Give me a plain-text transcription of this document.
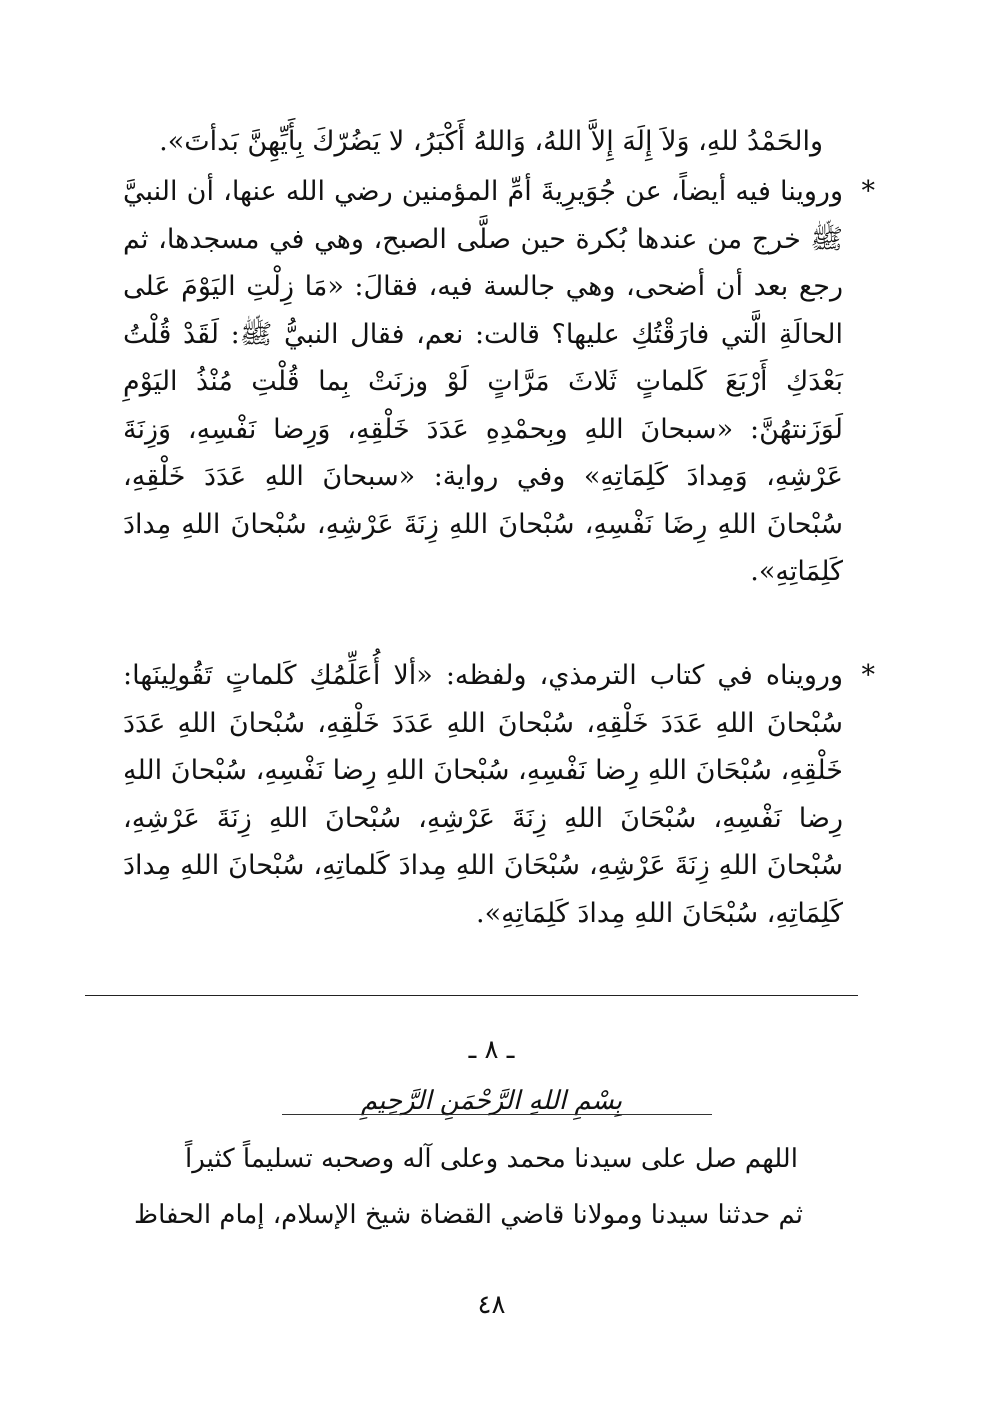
والحَمْدُ للهِ، وَلاَ إِلَهَ إِلاَّ اللهُ، وَاللهُ أَكْبَرُ، لا يَضُرّكَ بِأَيِّهِنَّ بَدأتَ».
*
وروينا فيه أيضاً، عن جُوَيرِيةَ أمِّ المؤمنين رضي الله عنها، أن النبيَّ ﷺ خرج من عندها بُكرة حين صلَّى الصبح، وهي في مسجدها، ثم رجع بعد أن أضحى، وهي جالسة فيه، فقالَ: «مَا زِلْتِ اليَوْمَ عَلى الحالَةِ الَّتي فارَقْتُكِ عليها؟ قالت: نعم، فقال النبيُّ ﷺ: لَقَدْ قُلْتُ بَعْدَكِ أَرْبَعَ كَلماتٍ ثَلاثَ مَرَّاتٍ لَوْ وزنَتْ بِما قُلْتِ مُنْذُ اليَوْمِ لَوَزَنتهُنَّ: «سبحانَ اللهِ وبِحمْدِهِ عَدَدَ خَلْقِهِ، وَرِضا نَفْسِهِ، وَزِنَةَ عَرْشِهِ، وَمِدادَ كَلِمَاتِهِ» وفي رواية: «سبحانَ اللهِ عَدَدَ خَلْقِهِ، سُبْحانَ اللهِ رِضَا نَفْسِهِ، سُبْحانَ اللهِ زِنَةَ عَرْشِهِ، سُبْحانَ اللهِ مِدادَ كَلِمَاتِهِ».
*
ورويناه في كتاب الترمذي، ولفظه: «ألا أُعَلِّمُكِ كَلماتٍ تَقُولِينَها: سُبْحانَ اللهِ عَدَدَ خَلْقِهِ، سُبْحانَ اللهِ عَدَدَ خَلْقِهِ، سُبْحانَ اللهِ عَدَدَ خَلْقِهِ، سُبْحَانَ اللهِ رِضا نَفْسِهِ، سُبْحانَ اللهِ رِضا نَفْسِهِ، سُبْحانَ اللهِ رِضا نَفْسِهِ، سُبْحَانَ اللهِ زِنَةَ عَرْشِهِ، سُبْحانَ اللهِ زِنَةَ عَرْشِهِ، سُبْحانَ اللهِ زِنَةَ عَرْشِهِ، سُبْحَانَ اللهِ مِدادَ كَلماتِهِ، سُبْحانَ اللهِ مِدادَ كَلِمَاتِهِ، سُبْحَانَ اللهِ مِدادَ كَلِمَاتِهِ».
ـ ٨ ـ
بِسْمِ اللهِ الرَّحْمَنِ الرَّحِيمِ
اللهم صل على سيدنا محمد وعلى آله وصحبه تسليماً كثيراً
ثم حدثنا سيدنا ومولانا قاضي القضاة شيخ الإسلام، إمام الحفاظ
٤٨
